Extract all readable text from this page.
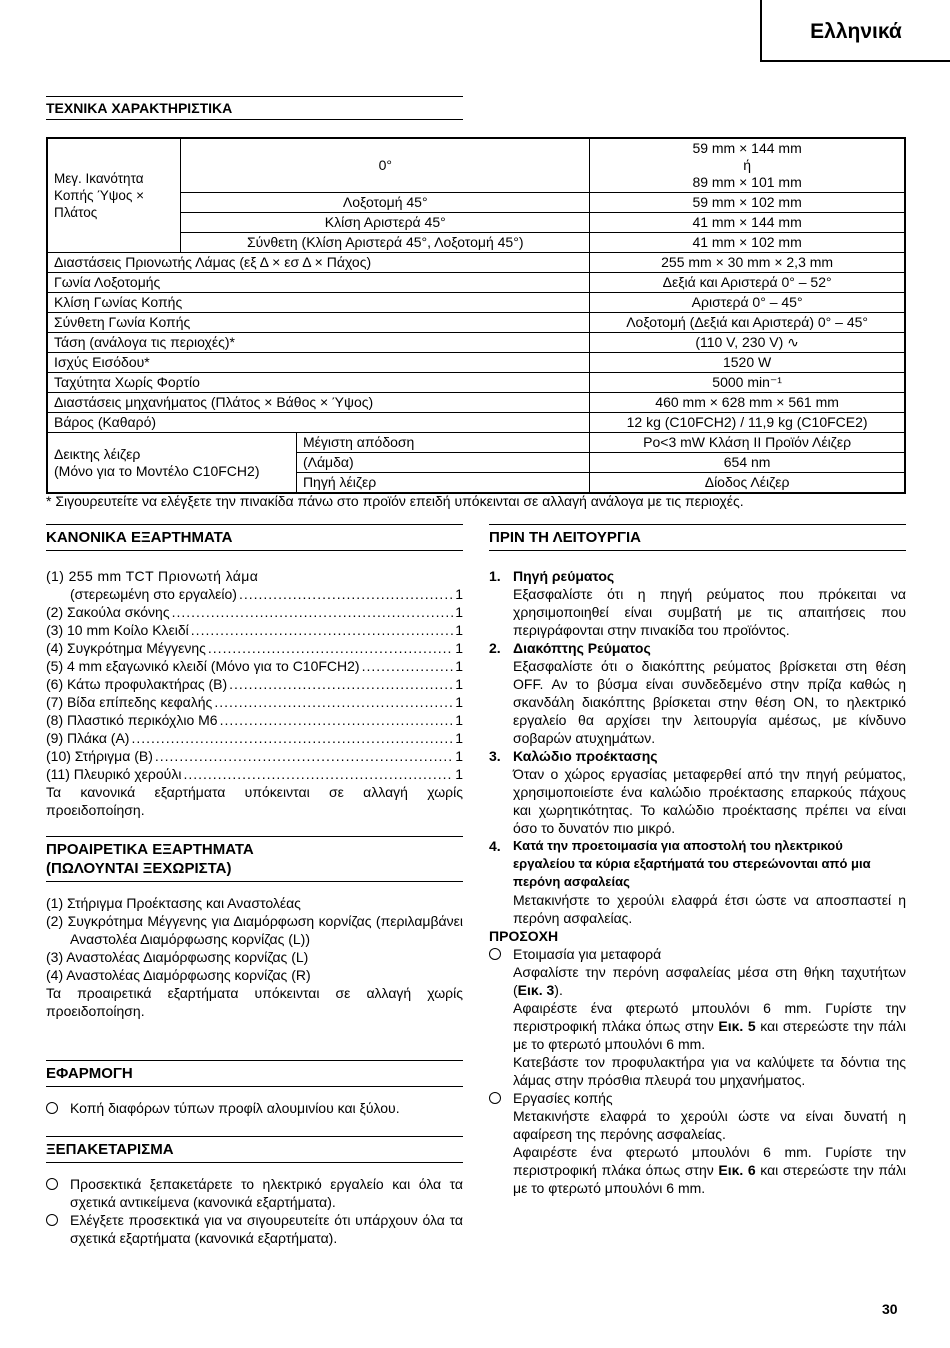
Ελληνικά
ΤΕΧΝΙΚΑ ΧΑΡΑΚΤΗΡΙΣΤΙΚΑ
Μεγ. Ικανότητα Κοπής Ύψος × Πλάτος	0°		59 mm × 144 mm
ή
89 mm × 101 mm
	Λοξοτομή 45°		59 mm × 102 mm
	Κλίση Αριστερά 45°		41 mm × 144 mm
	Σύνθετη (Κλίση Αριστερά 45°, Λοξοτομή 45°)		41 mm × 102 mm
Διαστάσεις Πριονωτής Λάμας (εξ Δ × εσ Δ × Πάχος)			255 mm × 30 mm × 2,3 mm
Γωνία Λοξοτομής			Δεξιά και Αριστερά 0° – 52°
Κλίση Γωνίας Κοπής			Αριστερά 0° – 45°
Σύνθετη Γωνία Κοπής			Λοξοτομή (Δεξιά και Αριστερά) 0° – 45°
Τάση (ανάλογα τις περιοχές)*			(110 V, 230 V) ∿
Ισχύς Εισόδου*			1520 W
Ταχύτητα Χωρίς Φορτίο			5000 min⁻¹
Διαστάσεις μηχανήματος (Πλάτος × Βάθος × Ύψος)			460 mm × 628 mm × 561 mm
Βάρος (Καθαρό)			12 kg (C10FCH2) / 11,9 kg (C10FCE2)
Δεικτης λέιζερ
(Μόνο για το Μοντέλο C10FCH2)		Μέγιστη απόδοση	Po<3 mW Κλάση II Προϊόν Λέιζερ
		(Λάμδα)	654 nm
		Πηγή λέιζερ	Δίοδος Λέιζερ
* Σιγουρευτείτε να ελέγξετε την πινακίδα πάνω στο προϊόν επειδή υπόκεινται σε αλλαγή ανάλογα με τις περιοχές.
ΚΑΝΟΝΙΚΑ ΕΞΑΡΤΗΜΑΤΑ
(1) 255 mm TCT Πριονωτή λάμα
(στερεωμένη στο εργαλείο) .....	1
(2) Σακούλα σκόνης .....	1
(3) 10 mm Κοίλο Κλειδί .....	1
(4) Συγκρότημα Μέγγενης .....	1
(5) 4 mm εξαγωνικό κλειδί (Μόνο για το C10FCH2) .....	1
(6) Κάτω προφυλακτήρας (B) .....	1
(7) Βίδα επίπεδης κεφαλής .....	1
(8) Πλαστικό περικόχλιο M6 .....	1
(9) Πλάκα (A) .....	1
(10) Στήριγμα (B) .....	1
(11) Πλευρικό χερούλι .....	1
Τα κανονικά εξαρτήματα υπόκεινται σε αλλαγή χωρίς προειδοποίηση.
ΠΡΟΑΙΡΕΤΙΚΑ ΕΞΑΡΤΗΜΑΤΑ
(ΠΩΛΟΥΝΤΑΙ ΞΕΧΩΡΙΣΤΑ)
(1) Στήριγμα Προέκτασης και Αναστολέας
(2) Συγκρότημα Μέγγενης για Διαμόρφωση κορνίζας (περιλαμβάνει Αναστολέα Διαμόρφωσης κορνίζας (L))
(3) Αναστολέας Διαμόρφωσης κορνίζας (L)
(4) Αναστολέας Διαμόρφωσης κορνίζας (R)
Τα προαιρετικά εξαρτήματα υπόκεινται σε αλλαγή χωρίς προειδοποίηση.
ΕΦΑΡΜΟΓΗ
Κοπή διαφόρων τύπων προφίλ αλουμινίου και ξύλου.
ΞΕΠΑΚΕΤΑΡΙΣΜΑ
Προσεκτικά ξεπακετάρετε το ηλεκτρικό εργαλείο και όλα τα σχετικά αντικείμενα (κανονικά εξαρτήματα).
Ελέγξετε προσεκτικά για να σιγουρευτείτε ότι υπάρχουν όλα τα σχετικά εξαρτήματα (κανονικά εξαρτήματα).
ΠΡΙΝ ΤΗ ΛΕΙΤΟΥΡΓΙΑ
1. Πηγή ρεύματος
Εξασφαλίστε ότι η πηγή ρεύματος που πρόκειται να χρησιμοποιηθεί είναι συμβατή με τις απαιτήσεις που περιγράφονται στην πινακίδα του προϊόντος.
2. Διακόπτης Ρεύματος
Εξασφαλίστε ότι ο διακόπτης ρεύματος βρίσκεται στη θέση OFF. Αν το βύσμα είναι συνδεδεμένο στην πρίζα καθώς η σκανδάλη διακόπτης βρίσκεται στην θέση ON, το ηλεκτρικό εργαλείο θα αρχίσει την λειτουργία αμέσως, με κίνδυνο σοβαρών ατυχημάτων.
3. Καλώδιο προέκτασης
Όταν ο χώρος εργασίας μεταφερθεί από την πηγή ρεύματος, χρησιμοποιείστε ένα καλώδιο προέκτασης επαρκούς πάχους και χωρητικότητας. Το καλώδιο προέκτασης πρέπει να είναι όσο το δυνατόν πιο μικρό.
4. Κατά την προετοιμασία για αποστολή του ηλεκτρικού εργαλείου τα κύρια εξαρτήματά του στερεώνονται από μια περόνη ασφαλείας
Μετακινήστε το χερούλι ελαφρά έτσι ώστε να αποσπαστεί η περόνη ασφαλείας.
ΠΡΟΣΟΧΗ
Ετοιμασία για μεταφορά
Ασφαλίστε την περόνη ασφαλείας μέσα στη θήκη ταχυτήτων (Εικ. 3).
Αφαιρέστε ένα φτερωτό μπουλόνι 6 mm. Γυρίστε την περιστροφική πλάκα όπως στην Εικ. 5 και στερεώστε την πάλι με το φτερωτό μπουλόνι 6 mm.
Κατεβάστε τον προφυλακτήρα για να καλύψετε τα δόντια της λάμας στην πρόσθια πλευρά του μηχανήματος.
Εργασίες κοπής
Μετακινήστε ελαφρά το χερούλι ώστε να είναι δυνατή η αφαίρεση της περόνης ασφαλείας.
Αφαιρέστε ένα φτερωτό μπουλόνι 6 mm. Γυρίστε την περιστροφική πλάκα όπως στην Εικ. 6 και στερεώστε την πάλι με το φτερωτό μπουλόνι 6 mm.
30
